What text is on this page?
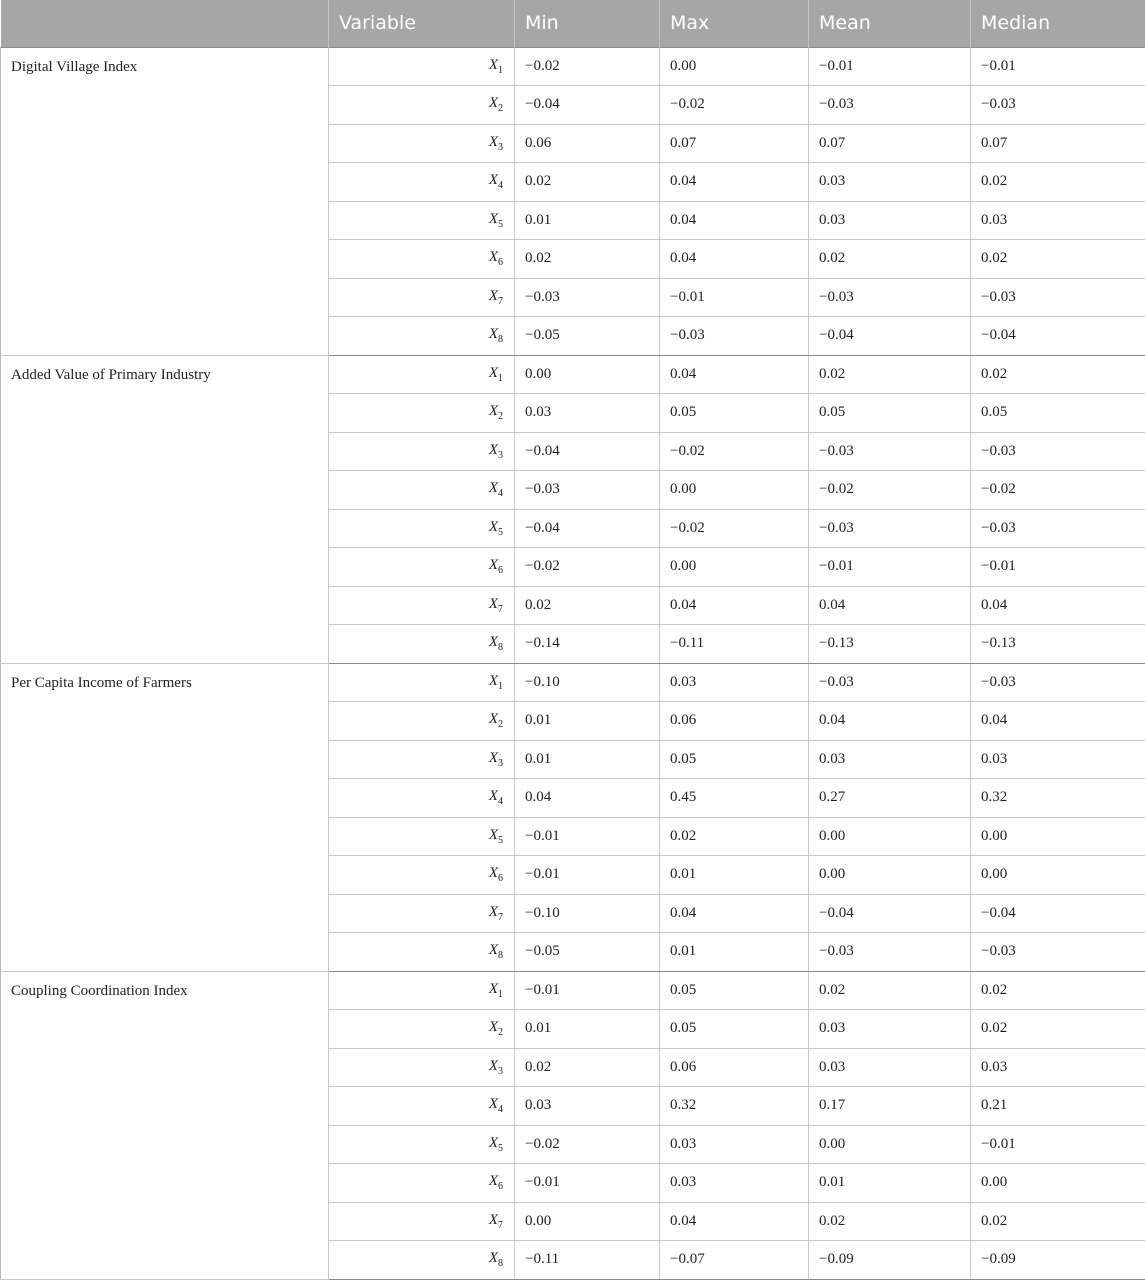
	Variable	Min	Max	Mean	Median
Digital Village Index	$X_1$	−0.02	0.00	−0.01	−0.01
	$X_2$	−0.04	−0.02	−0.03	−0.03
	$X_3$	0.06	0.07	0.07	0.07
	$X_4$	0.02	0.04	0.03	0.02
	$X_5$	0.01	0.04	0.03	0.03
	$X_6$	0.02	0.04	0.02	0.02
	$X_7$	−0.03	−0.01	−0.03	−0.03
	$X_8$	−0.05	−0.03	−0.04	−0.04
Added Value of Primary Industry	$X_1$	0.00	0.04	0.02	0.02
	$X_2$	0.03	0.05	0.05	0.05
	$X_3$	−0.04	−0.02	−0.03	−0.03
	$X_4$	−0.03	0.00	−0.02	−0.02
	$X_5$	−0.04	−0.02	−0.03	−0.03
	$X_6$	−0.02	0.00	−0.01	−0.01
	$X_7$	0.02	0.04	0.04	0.04
	$X_8$	−0.14	−0.11	−0.13	−0.13
Per Capita Income of Farmers	$X_1$	−0.10	0.03	−0.03	−0.03
	$X_2$	0.01	0.06	0.04	0.04
	$X_3$	0.01	0.05	0.03	0.03
	$X_4$	0.04	0.45	0.27	0.32
	$X_5$	−0.01	0.02	0.00	0.00
	$X_6$	−0.01	0.01	0.00	0.00
	$X_7$	−0.10	0.04	−0.04	−0.04
	$X_8$	−0.05	0.01	−0.03	−0.03
Coupling Coordination Index	$X_1$	−0.01	0.05	0.02	0.02
	$X_2$	0.01	0.05	0.03	0.02
	$X_3$	0.02	0.06	0.03	0.03
	$X_4$	0.03	0.32	0.17	0.21
	$X_5$	−0.02	0.03	0.00	−0.01
	$X_6$	−0.01	0.03	0.01	0.00
	$X_7$	0.00	0.04	0.02	0.02
	$X_8$	−0.11	−0.07	−0.09	−0.09
